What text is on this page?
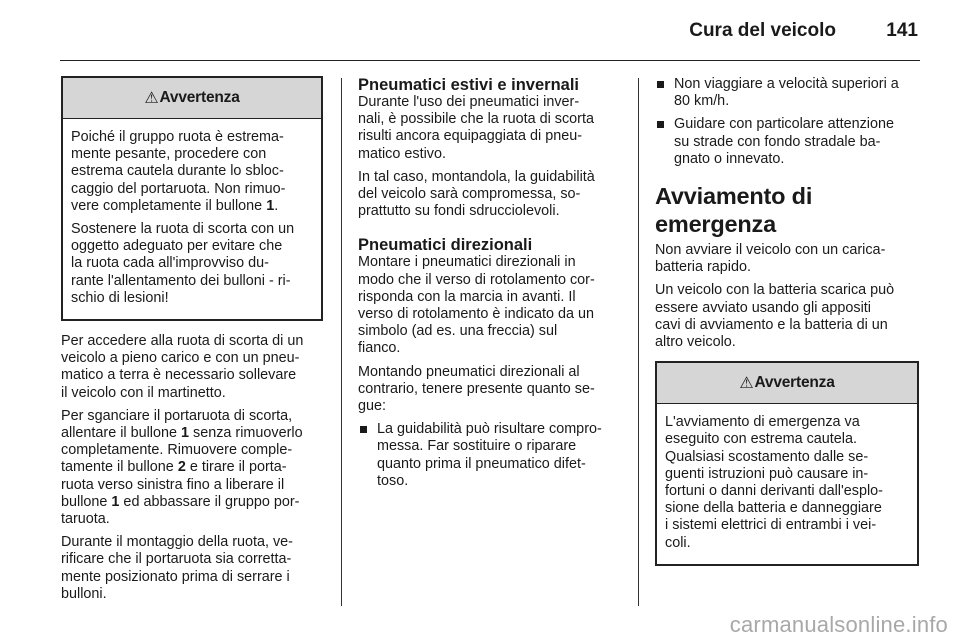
Cura del veicolo	141
⚠ Avvertenza

Poiché il gruppo ruota è estrema-
mente pesante, procedere con
estrema cautela durante lo sbloc-
caggio del portaruota. Non rimuo-
vere completamente il bullone 1.

Sostenere la ruota di scorta con un
oggetto adeguato per evitare che
la ruota cada all'improvviso du-
rante l'allentamento dei bulloni - ri-
schio di lesioni!

Per accedere alla ruota di scorta di un
veicolo a pieno carico e con un pneu-
matico a terra è necessario sollevare
il veicolo con il martinetto.

Per sganciare il portaruota di scorta,
allentare il bullone 1 senza rimuoverlo
completamente. Rimuovere comple-
tamente il bullone 2 e tirare il porta-
ruota verso sinistra fino a liberare il
bullone 1 ed abbassare il gruppo por-
taruota.

Durante il montaggio della ruota, ve-
rificare che il portaruota sia corretta-
mente posizionato prima di serrare i
bulloni.

Pneumatici estivi e invernali

Durante l'uso dei pneumatici inver-
nali, è possibile che la ruota di scorta
risulti ancora equipaggiata di pneu-
matico estivo.

In tal caso, montandola, la guidabilità
del veicolo sarà compromessa, so-
prattutto su fondi sdrucciolevoli.

Pneumatici direzionali

Montare i pneumatici direzionali in
modo che il verso di rotolamento cor-
risponda con la marcia in avanti. Il
verso di rotolamento è indicato da un
simbolo (ad es. una freccia) sul
fianco.

Montando pneumatici direzionali al
contrario, tenere presente quanto se-
gue:

La guidabilità può risultare compro-
messa. Far sostituire o riparare
quanto prima il pneumatico difet-
toso.
Non viaggiare a velocità superiori a
80 km/h.
Guidare con particolare attenzione
su strade con fondo stradale ba-
gnato o innevato.
Avviamento di emergenza

Non avviare il veicolo con un carica-
batteria rapido.

Un veicolo con la batteria scarica può
essere avviato usando gli appositi
cavi di avviamento e la batteria di un
altro veicolo.

⚠ Avvertenza

L'avviamento di emergenza va
eseguito con estrema cautela.
Qualsiasi scostamento dalle se-
guenti istruzioni può causare in-
fortuni o danni derivanti dall'esplo-
sione della batteria e danneggiare
i sistemi elettrici di entrambi i vei-
coli.

carmanualsonline.info
